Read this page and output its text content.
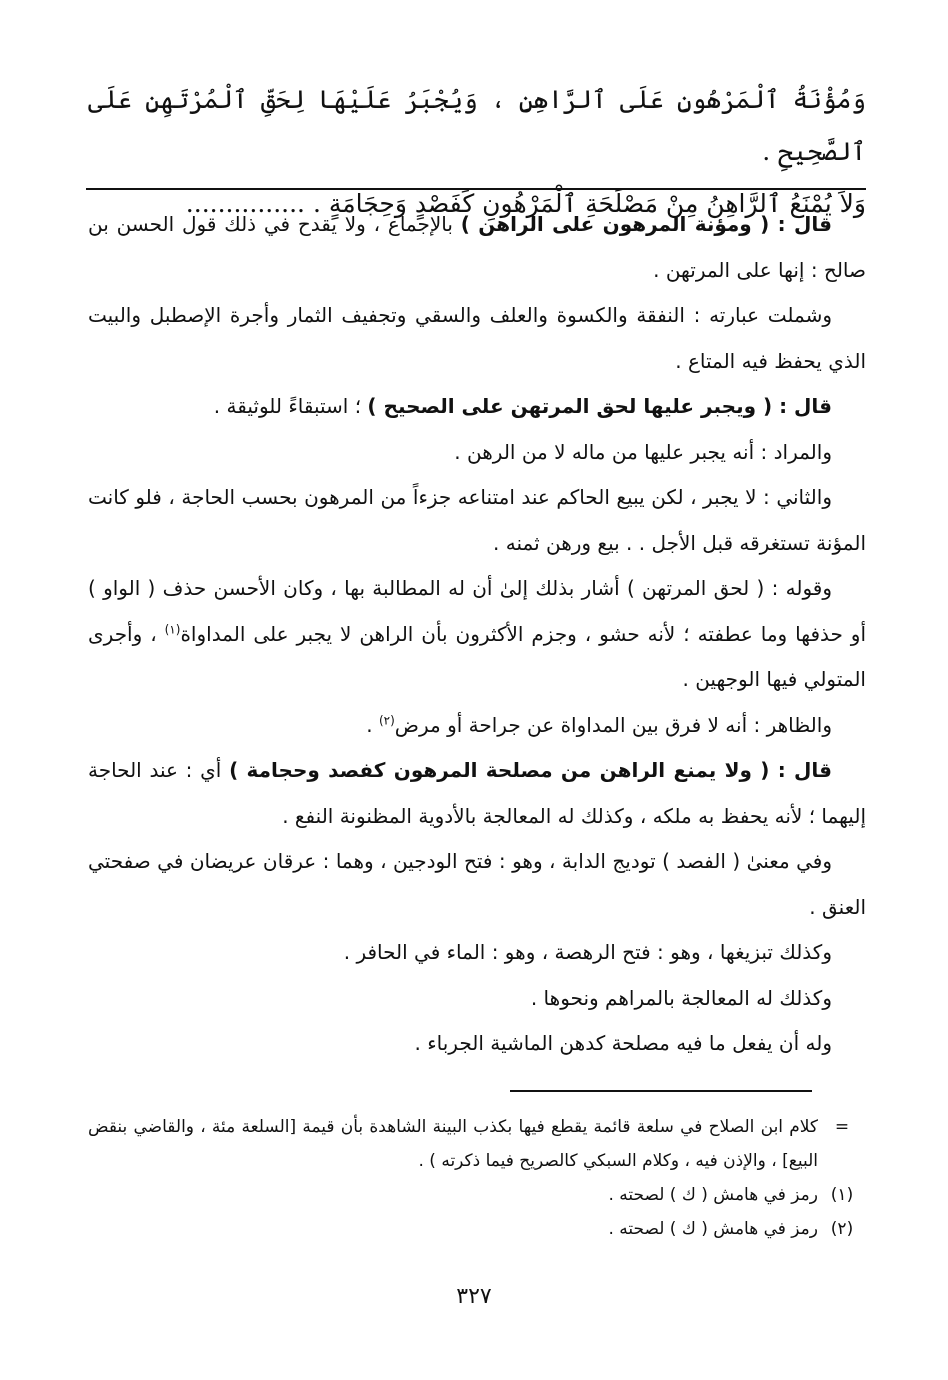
وَمُؤْنَةُ ٱلْمَرْهُونِ عَلَى ٱلرَّاهِنِ ، وَيُجْبَرُ عَلَيْهَا لِحَقِّ ٱلْمُرْتَهِنِ عَلَى ٱلصَّحِيحِ .

وَلاَ يُمْنَعُ ٱلرَّاهِنُ مِنْ مَصْلَحَةِ ٱلْمَرْهُونِ كَفَصْدٍ وَحِجَامَةٍ . ...............

قال : ( ومؤنة المرهون على الراهن ) بالإجماع ، ولا يقدح في ذلك قول الحسن بن صالح : إنها على المرتهن .

وشملت عبارته : النفقة والكسوة والعلف والسقي وتجفيف الثمار وأجرة الإصطبل والبيت الذي يحفظ فيه المتاع .

قال : ( ويجبر عليها لحق المرتهن على الصحيح ) ؛ استبقاءً للوثيقة .

والمراد : أنه يجبر عليها من ماله لا من الرهن .

والثاني : لا يجبر ، لكن يبيع الحاكم عند امتناعه جزءاً من المرهون بحسب الحاجة ، فلو كانت المؤنة تستغرقه قبل الأجل . . بيع ورهن ثمنه .

وقوله : ( لحق المرتهن ) أشار بذلك إلىٰ أن له المطالبة بها ، وكان الأحسن حذف ( الواو ) أو حذفها وما عطفته ؛ لأنه حشو ، وجزم الأكثرون بأن الراهن لا يجبر على المداواة$^{(١)}$ ، وأجرى المتولي فيها الوجهين .

والظاهر : أنه لا فرق بين المداواة عن جراحة أو مرض$^{(٢)}$ .

قال : ( ولا يمنع الراهن من مصلحة المرهون كفصد وحجامة ) أي : عند الحاجة إليهما ؛ لأنه يحفظ به ملكه ، وكذلك له المعالجة بالأدوية المظنونة النفع .

وفي معنىٰ ( الفصد ) توديج الدابة ، وهو : فتح الودجين ، وهما : عرقان عريضان في صفحتي العنق .

وكذلك تبزيغها ، وهو : فتح الرهصة ، وهو : الماء في الحافر .

وكذلك له المعالجة بالمراهم ونحوها .

وله أن يفعل ما فيه مصلحة كدهن الماشية الجرباء .

=
كلام ابن الصلاح في سلعة قائمة يقطع فيها بكذب البينة الشاهدة بأن قيمة [السلعة مئة ، والقاضي بنقض البيع] ، والإذن فيه ، وكلام السبكي كالصريح فيما ذكرته ) .
(١)
رمز في هامش ( ك ) لصحته .
(٢)
رمز في هامش ( ك ) لصحته .
٣٢٧
